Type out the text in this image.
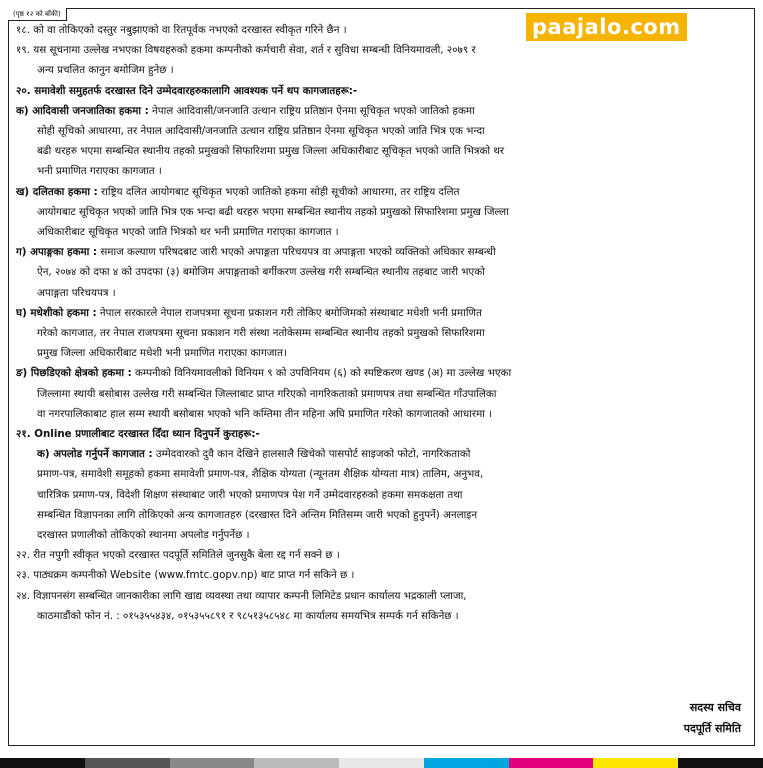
(पृष्ठ १२ को बाँकी)
paajalo.com
१८. को वा तोकिएको दस्तुर नबुझाएको वा रितपूर्वक नभएको दरखास्त स्वीकृत गरिने छैन ।
१९. यस सूचनामा उल्लेख नभएका विषयहरुको हकमा कम्पनीको कर्मचारी सेवा, शर्त र सुविधा सम्बन्धी विनियमावली, २०७९ र
अन्य प्रचलित कानुन बमोजिम हुनेछ ।
२०. समावेशी समुहतर्फ दरखास्त दिने उम्मेदवारहरुकालागि आवश्यक पर्ने थप कागजातहरू:-
क) आदिवासी जनजातिका हकमा : नेपाल आदिवासी/जनजाति उत्थान राष्ट्रिय प्रतिष्ठान ऐनमा सूचिकृत भएको जातिको हकमा
सोही सूचिको आधारमा, तर नेपाल आदिवासी/जनजाति उत्थान राष्ट्रिय प्रतिष्ठान ऐनमा सूचिकृत भएको जाति भित्र एक भन्दा
बढी थरहरु भएमा सम्बन्धित स्थानीय तहको प्रमुखको सिफारिशमा प्रमुख जिल्ला अधिकारीबाट सूचिकृत भएको जाति भित्रको थर
भनी प्रमाणित गराएका कागजात ।
ख) दलितका हकमा : राष्ट्रिय दलित आयोगबाट सूचिकृत भएको जातिको हकमा सोही सूचीको आधारमा, तर राष्ट्रिय दलित
आयोगबाट सूचिकृत भएको जाति भित्र एक भन्दा बढी थरहरु भएमा सम्बन्धित स्थानीय तहको प्रमुखको सिफारिशमा प्रमुख जिल्ला
अधिकारीबाट सूचिकृत भएको जाति भित्रको थर भनी प्रमाणित गराएका कागजात ।
ग) अपाङ्गका हकमा : समाज कल्याण परिषदबाट जारी भएको अपाङ्गता परिचयपत्र वा अपाङ्गता भएको व्यक्तिको अधिकार सम्बन्धी
ऐन, २०७४ को दफा ४ को उपदफा (३) बमोजिम अपाङ्गताको बर्गीकरण उल्लेख गरी सम्बन्धित स्थानीय तहबाट जारी भएको
अपाङ्गता परिचयपत्र ।
घ) मधेशीको हकमा : नेपाल सरकारले नेपाल राजपत्रमा सूचना प्रकाशन गरी तोकिए बमोजिमको संस्थाबाट मधेशी भनी प्रमाणित
गरेको कागजात, तर नेपाल राजपत्रमा सूचना प्रकाशन गरी संस्था नतोकेसम्म सम्बन्धित स्थानीय तहको प्रमुखको सिफारिशमा
प्रमुख जिल्ला अधिकारीबाट मधेशी भनी प्रमाणित गराएका कागजात।
ङ) पिछडिएको क्षेत्रको हकमा : कम्पनीको विनियमावलीको विनियम ९ को उपविनियम (६) को स्पष्टिकरण खण्ड (अ) मा उल्लेख भएका
जिल्लामा स्थायी बसोबास उल्लेख गरी सम्बन्धित जिल्लाबाट प्राप्त गरिएको नागरिकताको प्रमाणपत्र तथा सम्बन्धित गाँउपालिका
वा नगरपालिकाबाट हाल सम्म स्थायी बसोबास भएको भनि कम्तिमा तीन महिना अघि प्रमाणित गरेको कागजातको आधारमा ।
२१. Online प्रणालीबाट दरखास्त दिँदा ध्यान दिनुपर्ने कुराहरू:-
क) अपलोड गर्नुपर्ने कागजात : उम्मेदवारको दुवै कान देखिने हालसालै खिचेको पासपोर्ट साइजको फोटो, नागरिकताको
प्रमाण-पत्र, समावेशी समूहको हकमा समावेशी प्रमाण-पत्र, शैक्षिक योग्यता (न्यूनतम शैक्षिक योग्यता मात्र) तालिम, अनुभव,
चारित्रिक प्रमाण-पत्र, विदेशी शिक्षण संस्थाबाट जारी भएको प्रमाणपत्र पेश गर्ने उम्मेदवारहरुको हकमा समकक्षता तथा
सम्बन्धित विज्ञापनका लागि तोकिएको अन्य कागजातहरु (दरखास्त दिने अन्तिम मितिसम्म जारी भएको हुनुपर्ने) अनलाइन
दरखास्त प्रणालीको तोकिएको स्थानमा अपलोड गर्नुपर्नेछ ।
२२. रीत नपुगी स्वीकृत भएको दरखास्त पदपूर्ति समितिले जुनसुकै बेला रद्द गर्न सक्ने छ ।
२३. पाठ्यक्रम कम्पनीको Website (www.fmtc.gopv.np) बाट प्राप्त गर्न सकिने छ ।
२४. विज्ञापनसंग सम्बन्धित जानकारीका लागि खाद्य व्यवस्था तथा व्यापार कम्पनी लिमिटेड प्रधान कार्यालय भद्रकाली प्लाजा,
काठमाडौंको फोन नं. : ०१५३५५४३४, ०१५३५५८९१ र ९८५१३५८५४८ मा कार्यालय समयभित्र सम्पर्क गर्न सकिनेछ ।
सदस्य सचिव
पदपूर्ति समिति
